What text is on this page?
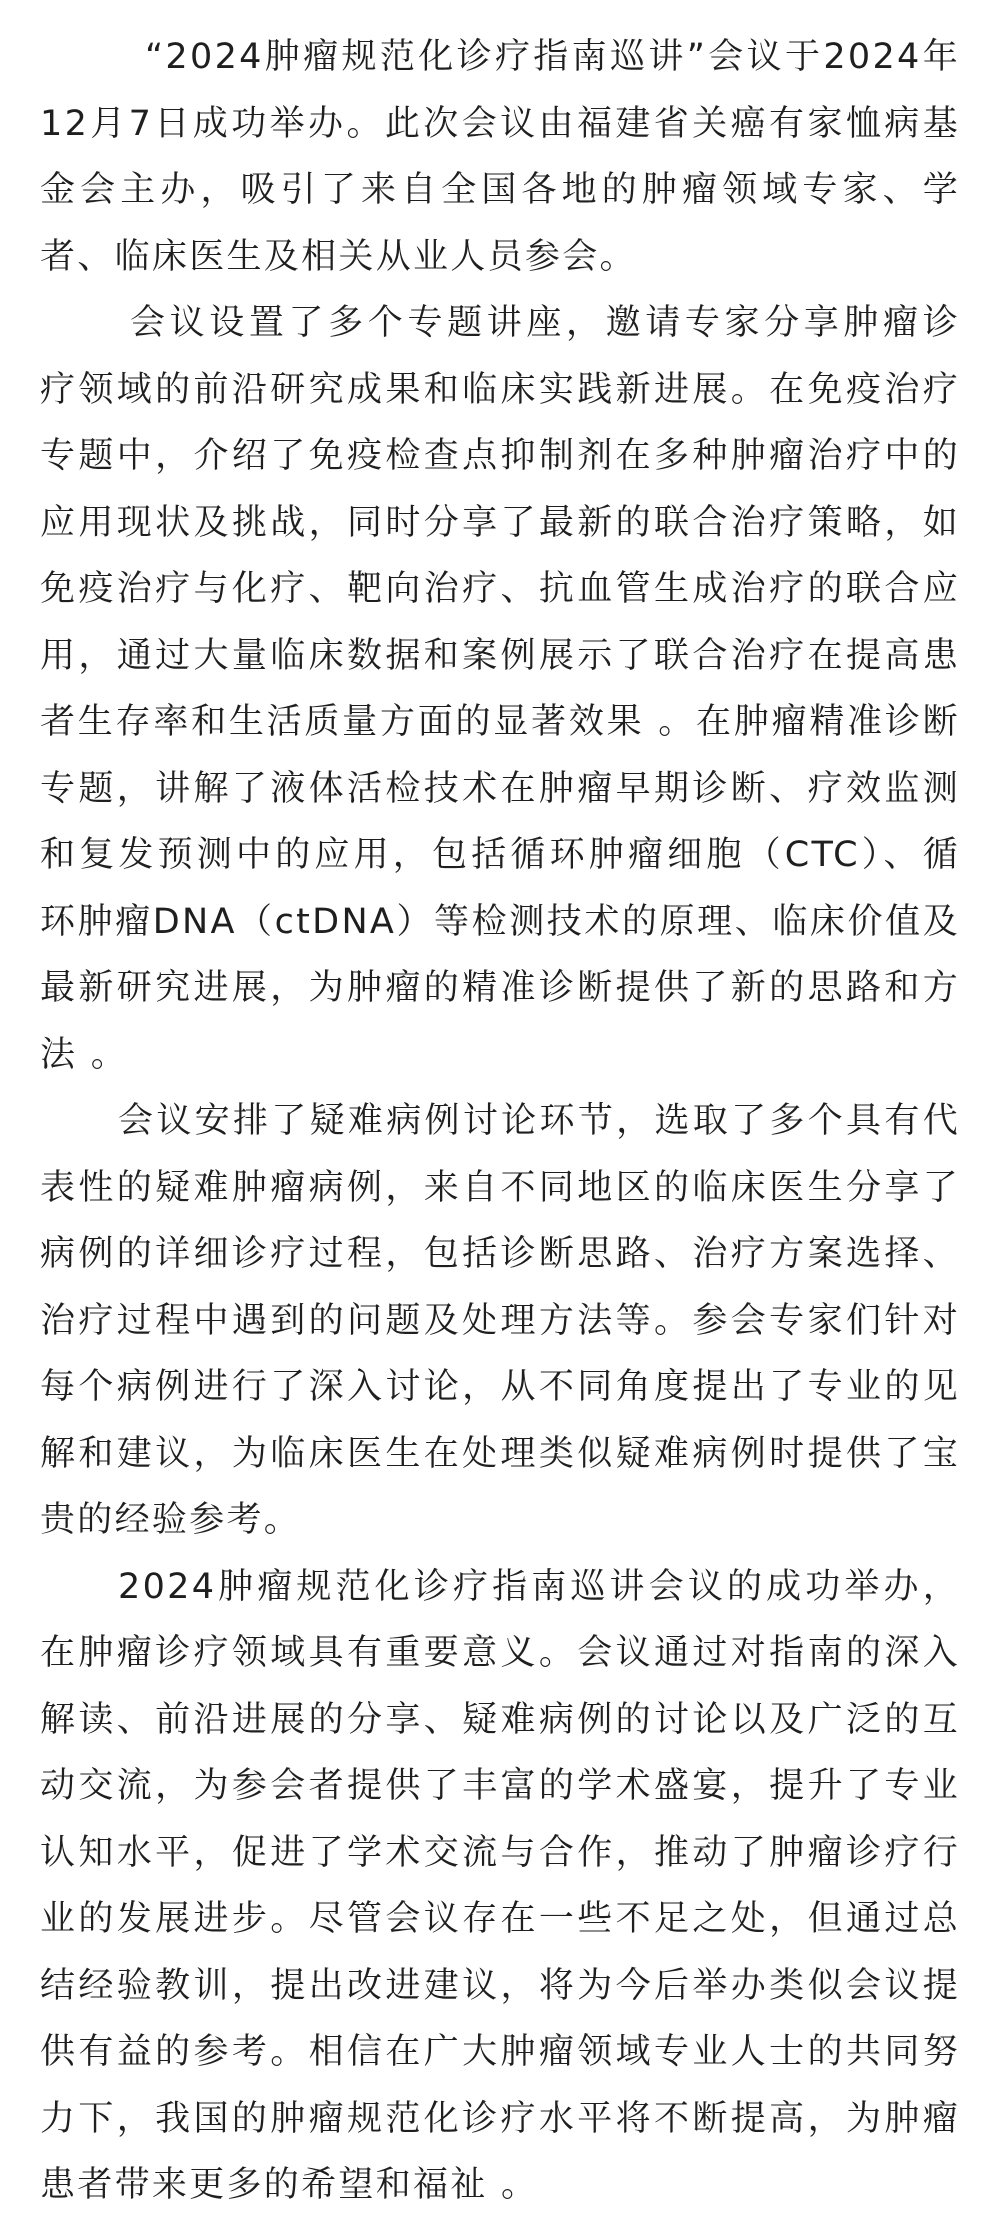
“2024肿瘤规范化诊疗指南巡讲”会议于2024年
12月7日成功举办。此次会议由福建省关癌有家恤病基
金会主办，吸引了来自全国各地的肿瘤领域专家、学
者、临床医生及相关从业人员参会。
会议设置了多个专题讲座，邀请专家分享肿瘤诊
疗领域的前沿研究成果和临床实践新进展。在免疫治疗
专题中，介绍了免疫检查点抑制剂在多种肿瘤治疗中的
应用现状及挑战，同时分享了最新的联合治疗策略，如
免疫治疗与化疗、靶向治疗、抗血管生成治疗的联合应
用，通过大量临床数据和案例展示了联合治疗在提高患
者生存率和生活质量方面的显著效果 。在肿瘤精准诊断
专题，讲解了液体活检技术在肿瘤早期诊断、疗效监测
和复发预测中的应用，包括循环肿瘤细胞（CTC）、循
环肿瘤DNA（ctDNA）等检测技术的原理、临床价值及
最新研究进展，为肿瘤的精准诊断提供了新的思路和方
法 。
会议安排了疑难病例讨论环节，选取了多个具有代
表性的疑难肿瘤病例，来自不同地区的临床医生分享了
病例的详细诊疗过程，包括诊断思路、治疗方案选择、
治疗过程中遇到的问题及处理方法等。参会专家们针对
每个病例进行了深入讨论，从不同角度提出了专业的见
解和建议，为临床医生在处理类似疑难病例时提供了宝
贵的经验参考。
2024肿瘤规范化诊疗指南巡讲会议的成功举办，
在肿瘤诊疗领域具有重要意义。会议通过对指南的深入
解读、前沿进展的分享、疑难病例的讨论以及广泛的互
动交流，为参会者提供了丰富的学术盛宴，提升了专业
认知水平，促进了学术交流与合作，推动了肿瘤诊疗行
业的发展进步。尽管会议存在一些不足之处，但通过总
结经验教训，提出改进建议，将为今后举办类似会议提
供有益的参考。相信在广大肿瘤领域专业人士的共同努
力下，我国的肿瘤规范化诊疗水平将不断提高，为肿瘤
患者带来更多的希望和福祉 。
